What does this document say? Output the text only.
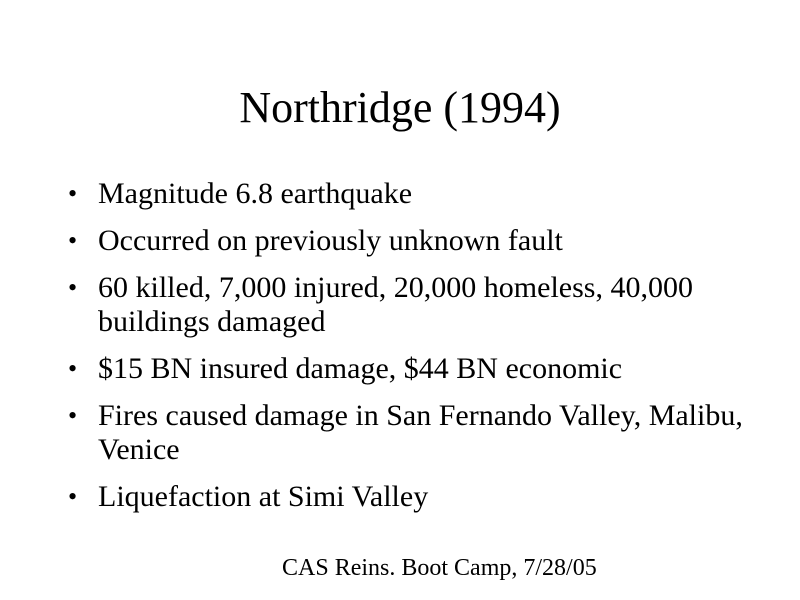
Northridge (1994)
• Magnitude 6.8 earthquake
• Occurred on previously unknown fault
• 60 killed, 7,000 injured, 20,000 homeless, 40,000 buildings damaged
• $15 BN insured damage, $44 BN economic
• Fires caused damage in San Fernando Valley, Malibu, Venice
• Liquefaction at Simi Valley

CAS Reins. Boot Camp, 7/28/05
